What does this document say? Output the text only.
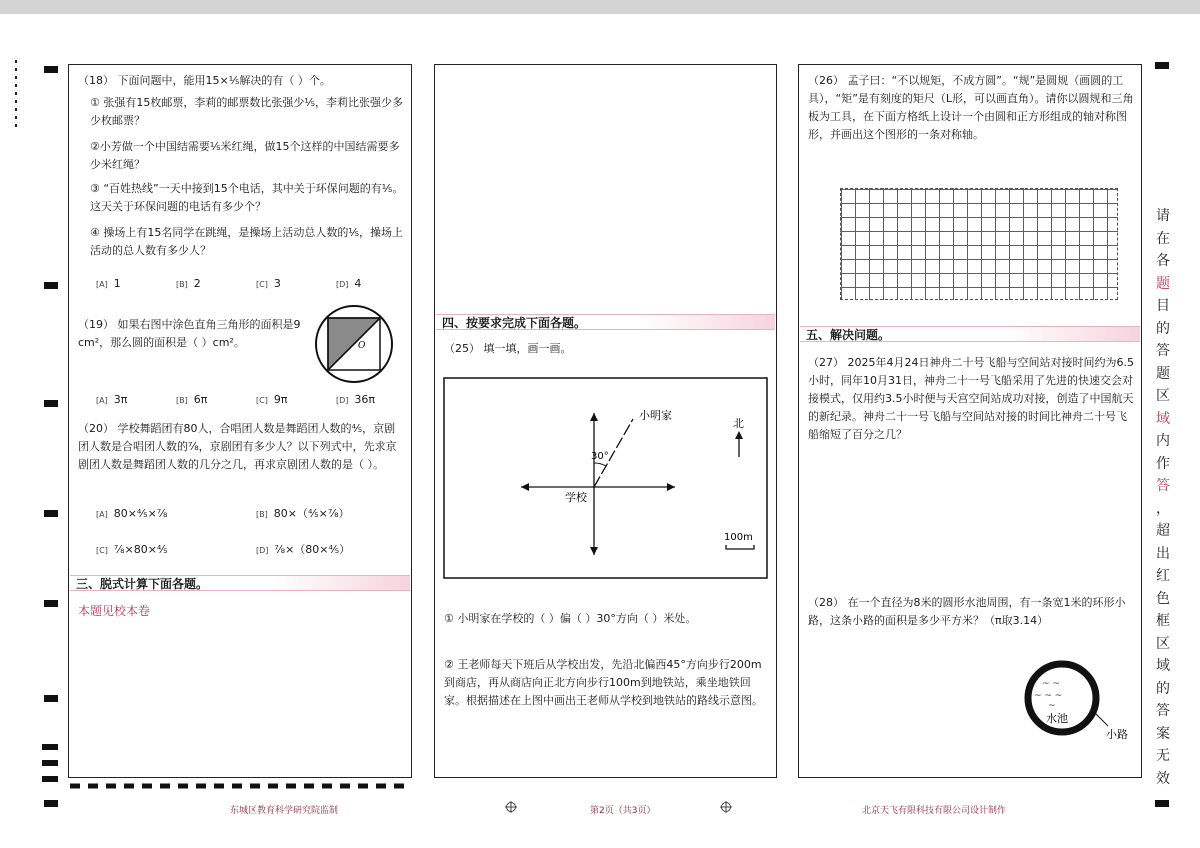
（18） 下面问题中，能用15×⅕解决的有（ ）个。
① 张强有15枚邮票，李莉的邮票数比张强少⅕，李莉比张强少多少枚邮票？
②小芳做一个中国结需要⅕米红绳，做15个这样的中国结需要多少米红绳？
③ “百姓热线”一天中接到15个电话，其中关于环保问题的有⅕。这天关于环保问题的电话有多少个？
④ 操场上有15名同学在跳绳，是操场上活动总人数的⅕，操场上活动的总人数有多少人？
[A] 1	[B] 2	[C] 3	[D] 4
（19） 如果右图中涂色直角三角形的面积是9 cm²，那么圆的面积是（ ）cm²。	O
[A] 3π	[B] 6π	[C] 9π	[D] 36π
（20） 学校舞蹈团有80人，合唱团人数是舞蹈团人数的⅘，京剧团人数是合唱团人数的⅞，京剧团有多少人？以下列式中，先求京剧团人数是舞蹈团人数的几分之几，再求京剧团人数的是（ ）。
[A] 80×⅘×⅞	[B] 80×（⅘×⅞）
[C] ⅞×80×⅘	[D] ⅞×（80×⅘）
三、脱式计算下面各题。
本题见校本卷
四、按要求完成下面各题。
（25） 填一填，画一画。
30°
小明家
学校
北
100m
① 小明家在学校的（ ）偏（ ）30°方向（ ）米处。
② 王老师每天下班后从学校出发，先沿北偏西45°方向步行200m到商店，再从商店向正北方向步行100m到地铁站，乘坐地铁回家。根据描述在上图中画出王老师从学校到地铁站的路线示意图。
（26） 孟子曰：“不以规矩，不成方圆”。“规”是圆规（画圆的工具），“矩”是有刻度的矩尺（L形，可以画直角）。请你以圆规和三角板为工具，在下面方格纸上设计一个由圆和正方形组成的轴对称图形，并画出这个图形的一条对称轴。
五、解决问题。
（27） 2025年4月24日神舟二十号飞船与空间站对接时间约为6.5小时，同年10月31日，神舟二十一号飞船采用了先进的快速交会对接模式，仅用约3.5小时便与天宫空间站成功对接，创造了中国航天的新纪录。神舟二十一号飞船与空间站对接的时间比神舟二十号飞船缩短了百分之几？
（28） 在一个直径为8米的圆形水池周围，有一条宽1米的环形小路，这条小路的面积是多少平方米？（π取3.14）
~ ~
~ ~ ~
~
水池
小路
请
在
各
题
目
的
答
题
区
域
内
作
答
，
超
出
红
色
框
区
域
的
答
案
无
效
东城区教育科学研究院监制	第2页（共3页）	北京天飞有限科技有限公司设计制作
